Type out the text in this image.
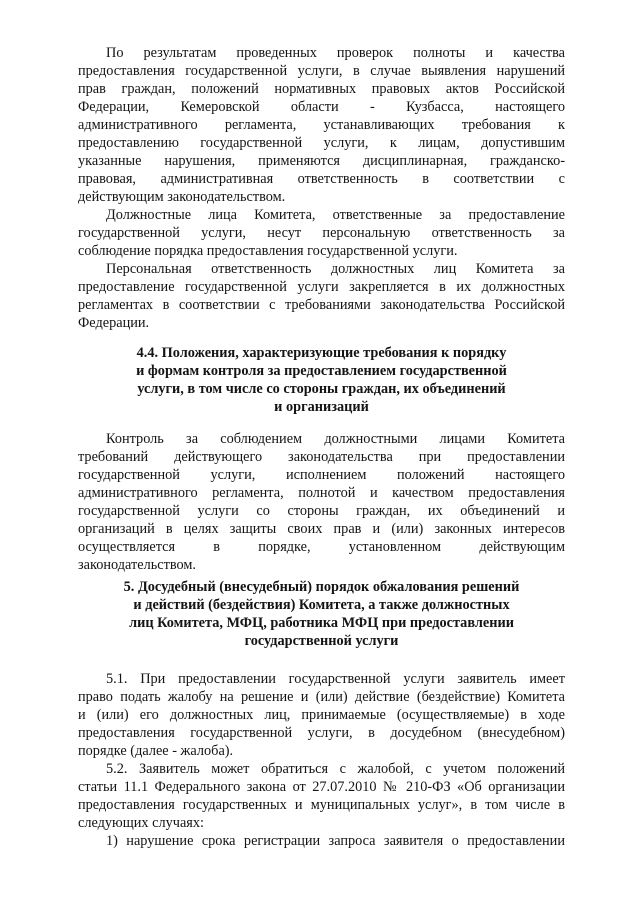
По результатам проведенных проверок полноты и качества
предоставления государственной услуги, в случае выявления нарушений
прав граждан, положений нормативных правовых актов Российской
Федерации, Кемеровской области - Кузбасса, настоящего
административного регламента, устанавливающих требования к
предоставлению государственной услуги, к лицам, допустившим
указанные нарушения, применяются дисциплинарная, гражданско-
правовая, административная ответственность в соответствии с
действующим законодательством.
Должностные лица Комитета, ответственные за предоставление
государственной услуги, несут персональную ответственность за
соблюдение порядка предоставления государственной услуги.
Персональная ответственность должностных лиц Комитета за
предоставление государственной услуги закрепляется в их должностных
регламентах в соответствии с требованиями законодательства Российской
Федерации.
4.4. Положения, характеризующие требования к порядку
и формам контроля за предоставлением государственной
услуги, в том числе со стороны граждан, их объединений
и организаций
Контроль за соблюдением должностными лицами Комитета
требований действующего законодательства при предоставлении
государственной услуги, исполнением положений настоящего
административного регламента, полнотой и качеством предоставления
государственной услуги со стороны граждан, их объединений и
организаций в целях защиты своих прав и (или) законных интересов
осуществляется в порядке, установленном действующим
законодательством.
5. Досудебный (внесудебный) порядок обжалования решений
и действий (бездействия) Комитета, а также должностных
лиц Комитета, МФЦ, работника МФЦ при предоставлении
государственной услуги
5.1. При предоставлении государственной услуги заявитель имеет
право подать жалобу на решение и (или) действие (бездействие) Комитета
и (или) его должностных лиц, принимаемые (осуществляемые) в ходе
предоставления государственной услуги, в досудебном (внесудебном)
порядке (далее - жалоба).
5.2. Заявитель может обратиться с жалобой, с учетом положений
статьи 11.1 Федерального закона от 27.07.2010 № 210-ФЗ «Об организации
предоставления государственных и муниципальных услуг», в том числе в
следующих случаях:
1) нарушение срока регистрации запроса заявителя о предоставлении
